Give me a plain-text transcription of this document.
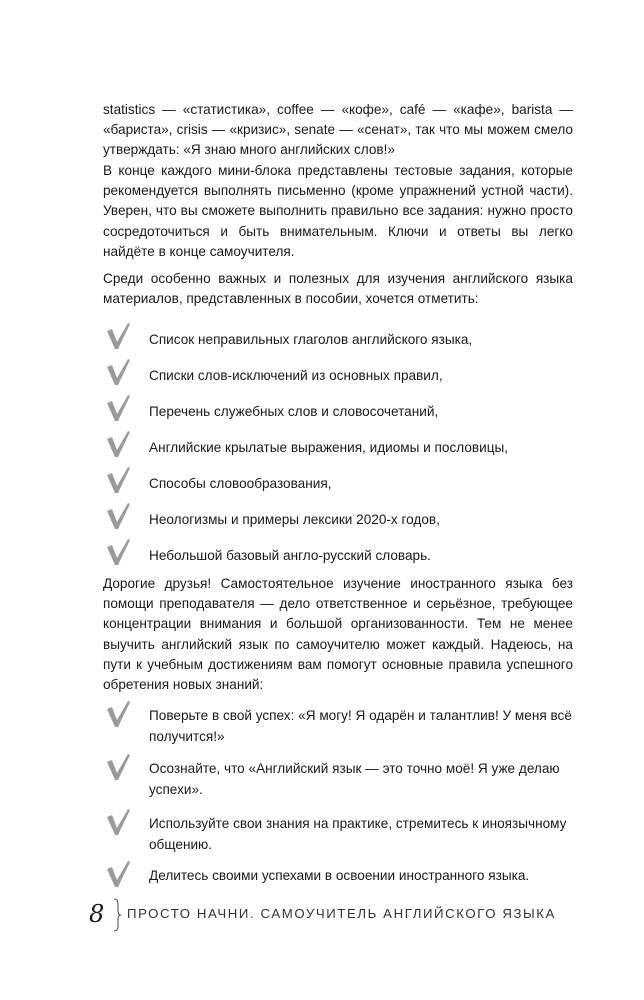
statistics — «статистика», coffee — «кофе», café — «кафе», barista — «бариста», crisis — «кризис», senate — «сенат», так что мы можем смело утверждать: «Я знаю много английских слов!»

В конце каждого мини-блока представлены тестовые задания, которые рекомендуется выполнять письменно (кроме упражнений устной части). Уверен, что вы сможете выполнить правильно все задания: нужно просто сосредоточиться и быть внимательным. Ключи и ответы вы легко найдёте в конце самоучителя.

Среди особенно важных и полезных для изучения английского языка материалов, представленных в пособии, хочется отметить:

Список неправильных глаголов английского языка,
Списки слов-исключений из основных правил,
Перечень служебных слов и словосочетаний,
Английские крылатые выражения, идиомы и пословицы,
Способы словообразования,
Неологизмы и примеры лексики 2020-х годов,
Небольшой базовый англо-русский словарь.

Дорогие друзья! Самостоятельное изучение иностранного языка без помощи преподавателя — дело ответственное и серьёзное, требующее концентрации внимания и большой организованности. Тем не менее выучить английский язык по самоучителю может каждый. Надеюсь, на пути к учебным достижениям вам помогут основные правила успешного обретения новых знаний:

Поверьте в свой успех: «Я могу! Я одарён и талантлив! У меня всё получится!»
Осознайте, что «Английский язык — это точно моё! Я уже делаю успехи».
Используйте свои знания на практике, стремитесь к иноязычному общению.
Делитесь своими успехами в освоении иностранного языка.
8 ПРОСТО НАЧНИ. САМОУЧИТЕЛЬ АНГЛИЙСКОГО ЯЗЫКА
